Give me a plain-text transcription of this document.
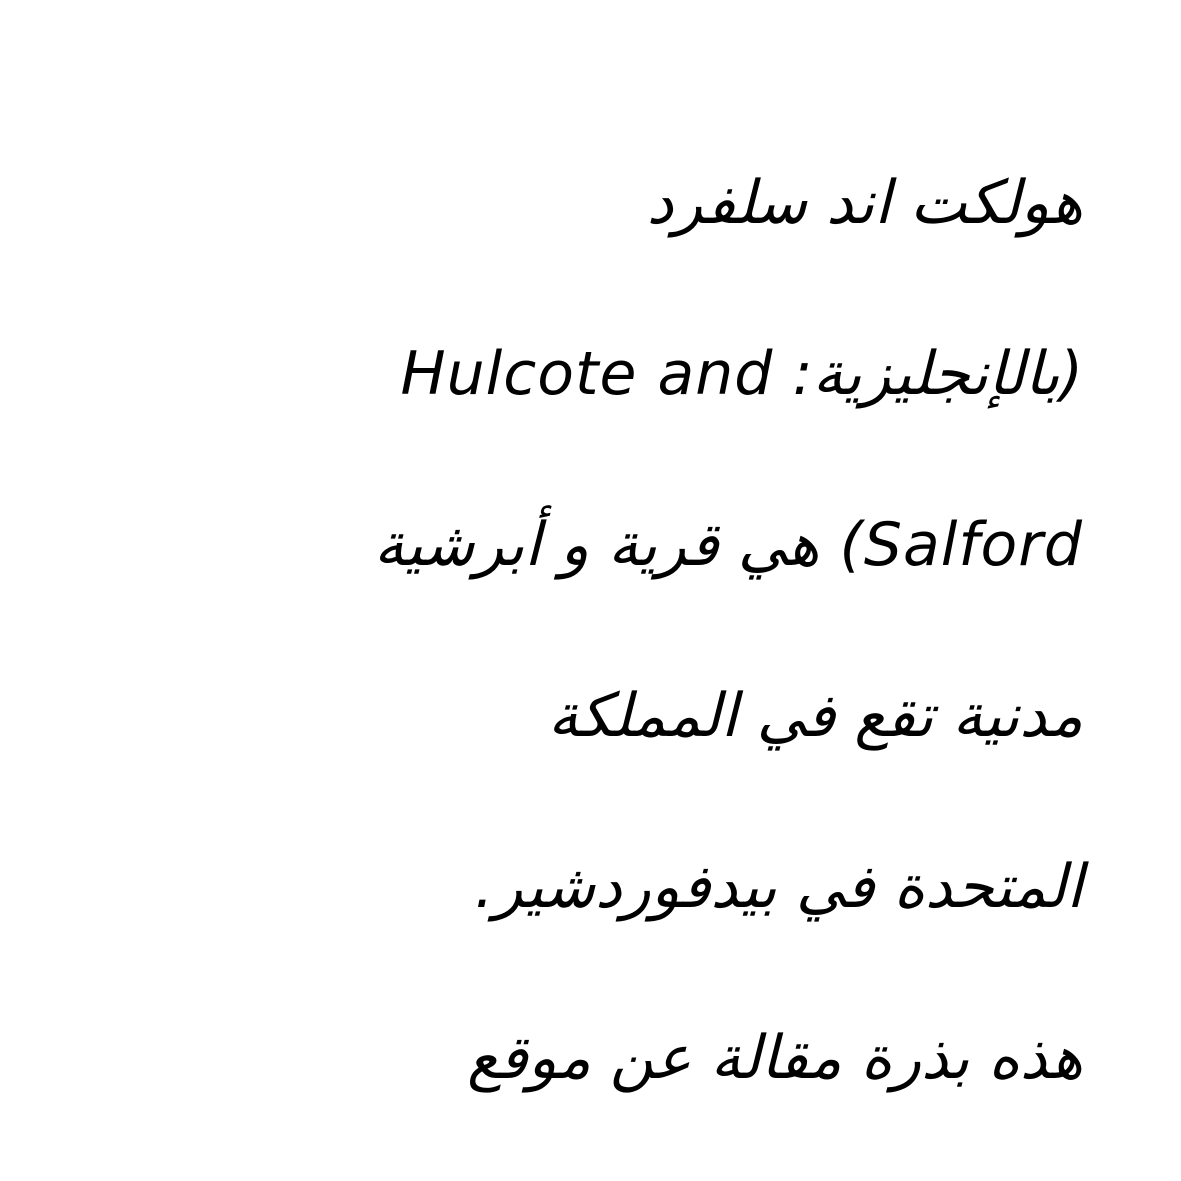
هولكت اند سلفرد
(بالإنجليزية: Hulcote and
Salford) هي قرية و أبرشية
مدنية تقع في المملكة
المتحدة في بيدفوردشير.
هذه بذرة مقالة عن موقع
